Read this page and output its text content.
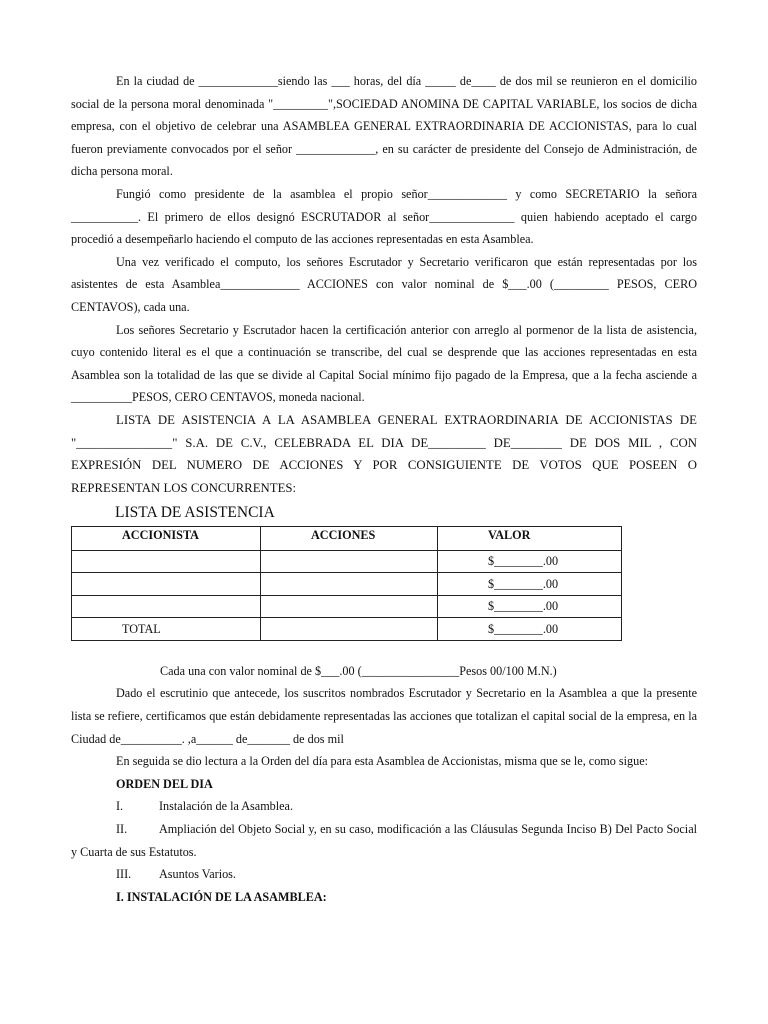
En la ciudad de _____________siendo las ___ horas, del día _____ de____ de dos mil se reunieron en el domicilio social de la persona moral denominada "_________",SOCIEDAD ANOMINA DE CAPITAL VARIABLE, los socios de dicha empresa, con el objetivo de celebrar una ASAMBLEA GENERAL EXTRAORDINARIA DE ACCIONISTAS, para lo cual fueron previamente convocados por el señor _____________, en su carácter de presidente del Consejo de Administración, de dicha persona moral.

Fungió como presidente de la asamblea el propio señor_____________ y como SECRETARIO la señora ___________. El primero de ellos designó ESCRUTADOR al señor______________ quien habiendo aceptado el cargo procedió a desempeñarlo haciendo el computo de las acciones representadas en esta Asamblea.

Una vez verificado el computo, los señores Escrutador y Secretario verificaron que están representadas por los asistentes de esta Asamblea_____________ ACCIONES con valor nominal de $___.00 (_________ PESOS, CERO CENTAVOS), cada una.

Los señores Secretario y Escrutador hacen la certificación anterior con arreglo al pormenor de la lista de asistencia, cuyo contenido literal es el que a continuación se transcribe, del cual se desprende que las acciones representadas en esta Asamblea son la totalidad de las que se divide al Capital Social mínimo fijo pagado de la Empresa, que a la fecha asciende a __________PESOS, CERO CENTAVOS, moneda nacional.

LISTA DE ASISTENCIA A LA ASAMBLEA GENERAL EXTRAORDINARIA DE ACCIONISTAS DE "_______________" S.A. DE C.V., CELEBRADA EL DIA DE_________ DE________ DE DOS MIL , CON EXPRESIÓN DEL NUMERO DE ACCIONES Y POR CONSIGUIENTE DE VOTOS QUE POSEEN O REPRESENTAN LOS CONCURRENTES:

LISTA DE ASISTENCIA
ACCIONISTA	ACCIONES	VALOR
		$________.00
		$________.00
		$________.00
TOTAL		$________.00
Cada una con valor nominal de $___.00 (________________Pesos 00/100 M.N.)

Dado el escrutinio que antecede, los suscritos nombrados Escrutador y Secretario en la Asamblea a que la presente lista se refiere, certificamos que están debidamente representadas las acciones que totalizan el capital social de la empresa, en la Ciudad de__________. ,a______ de_______ de dos mil

En seguida se dio lectura a la Orden del día para esta Asamblea de Accionistas, misma que se le, como sigue:

ORDEN DEL DIA

I.	Instalación de la Asamblea.
II.	Ampliación del Objeto Social y, en su caso, modificación a las Cláusulas Segunda Inciso B) Del Pacto Social y Cuarta de sus Estatutos.
III.	Asuntos Varios.

I. INSTALACIÓN DE LA ASAMBLEA:
